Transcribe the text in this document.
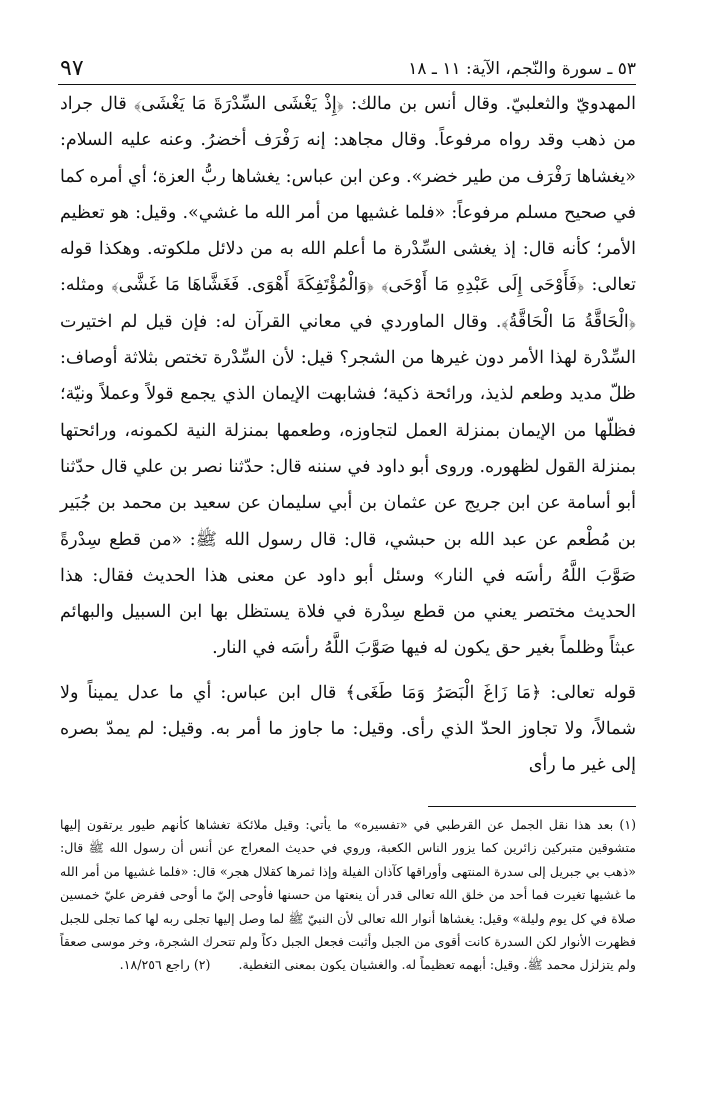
٥٣ ـ سورة والنّجم، الآية: ١١ ـ ١٨
٩٧

المهدويّ والثعلبيّ. وقال أنس بن مالك: ﴿إِذْ يَغْشَى السِّدْرَةَ مَا يَغْشَى﴾ قال جراد من ذهب وقد رواه مرفوعاً. وقال مجاهد: إنه رَفْرَف أخضرُ. وعنه عليه السلام: «يغشاها رَفْرَف من طير خضر». وعن ابن عباس: يغشاها ربُّ العزة؛ أي أمره كما في صحيح مسلم مرفوعاً: «فلما غشيها من أمر الله ما غشي». وقيل: هو تعظيم الأمر؛ كأنه قال: إذ يغشى السِّدْرة ما أعلم الله به من دلائل ملكوته. وهكذا قوله تعالى: ﴿فَأَوْحَى إِلَى عَبْدِهِ مَا أَوْحَى﴾ ﴿وَالْمُؤْتَفِكَةَ أَهْوَى. فَغَشَّاهَا مَا غَشَّى﴾ ومثله: ﴿الْحَاقَّةُ مَا الْحَاقَّةُ﴾. وقال الماوردي في معاني القرآن له: فإن قيل لم اختيرت السِّدْرة لهذا الأمر دون غيرها من الشجر؟ قيل: لأن السِّدْرة تختص بثلاثة أوصاف: ظلّ مديد وطعم لذيذ، ورائحة ذكية؛ فشابهت الإيمان الذي يجمع قولاً وعملاً ونيّة؛ فظلّها من الإيمان بمنزلة العمل لتجاوزه، وطعمها بمنزلة النية لكمونه، ورائحتها بمنزلة القول لظهوره. وروى أبو داود في سننه قال: حدّثنا نصر بن علي قال حدّثنا أبو أسامة عن ابن جريج عن عثمان بن أبي سليمان عن سعيد بن محمد بن جُبَير بن مُطْعم عن عبد الله بن حبشي، قال: قال رسول الله ﷺ: «من قطع سِدْرةً صَوَّبَ اللَّهُ رأسَه في النار» وسئل أبو داود عن معنى هذا الحديث فقال: هذا الحديث مختصر يعني من قطع سِدْرة في فلاة يستظل بها ابن السبيل والبهائم عبثاً وظلماً بغير حق يكون له فيها صَوَّبَ اللَّهُ رأسَه في النار.

قوله تعالى: ﴿مَا زَاغَ الْبَصَرُ وَمَا طَغَى﴾ قال ابن عباس: أي ما عدل يميناً ولا شمالاً، ولا تجاوز الحدّ الذي رأى. وقيل: ما جاوز ما أمر به. وقيل: لم يمدّ بصره إلى غير ما رأى

(١) بعد هذا نقل الجمل عن القرطبي في «تفسيره» ما يأتي: وقيل ملائكة تغشاها كأنهم طيور يرتقون إليها متشوقين متبركين زائرين كما يزور الناس الكعبة، وروي في حديث المعراج عن أنس أن رسول الله ﷺ قال: «ذهب بي جبريل إلى سدرة المنتهى وأوراقها كآذان الفيلة وإذا ثمرها كقلال هجر» قال: «فلما غشيها من أمر الله ما غشيها تغيرت فما أحد من خلق الله تعالى قدر أن ينعتها من حسنها فأوحى إليّ ما أوحى ففرض عليّ خمسين صلاة في كل يوم وليلة» وقيل: يغشاها أنوار الله تعالى لأن النبيّ ﷺ لما وصل إليها تجلى ربه لها كما تجلى للجبل فظهرت الأنوار لكن السدرة كانت أقوى من الجبل وأثبت فجعل الجبل دكاً ولم تتحرك الشجرة، وخر موسى صعقاً ولم يتزلزل محمد ﷺ. وقيل: أبهمه تعظيماً له. والغشيان يكون بمعنى التغطية.(٢) راجع ١٨/٢٥٦.
